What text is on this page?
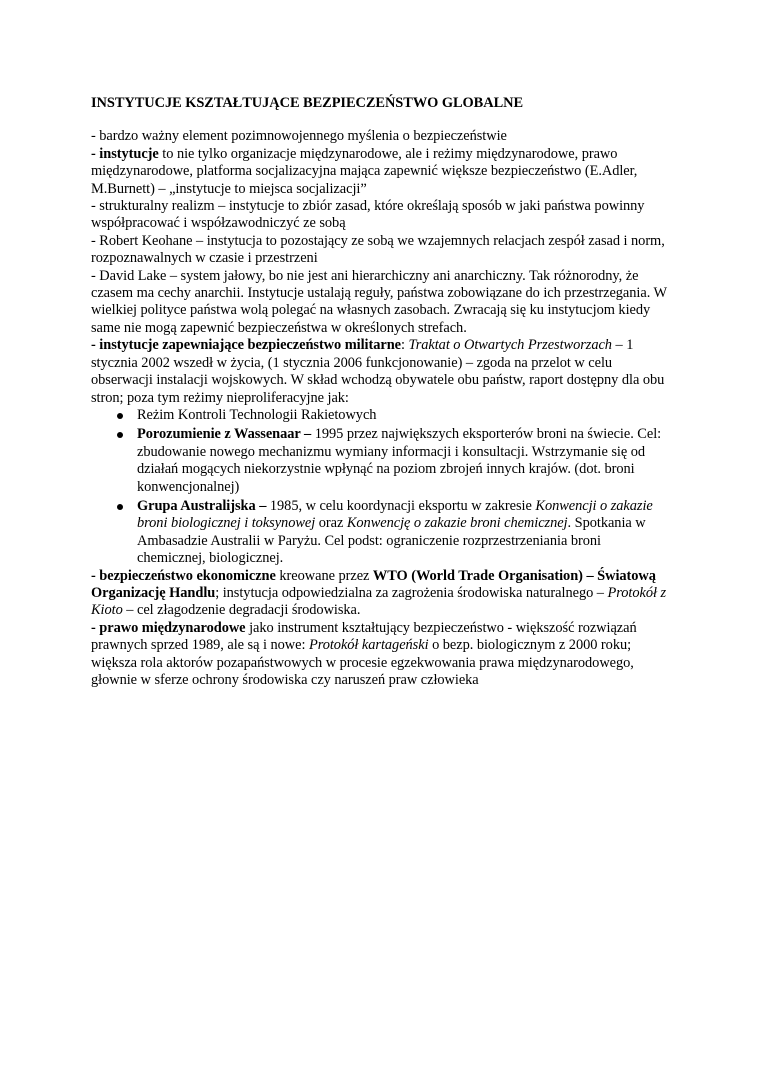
INSTYTUCJE KSZTAŁTUJĄCE BEZPIECZEŃSTWO GLOBALNE

- bardzo ważny element pozimnowojennego myślenia o bezpieczeństwie

- instytucje to nie tylko organizacje międzynarodowe, ale i reżimy międzynarodowe, prawo międzynarodowe, platforma socjalizacyjna mająca zapewnić większe bezpieczeństwo (E.Adler, M.Burnett) – „instytucje to miejsca socjalizacji”

- strukturalny realizm – instytucje to zbiór zasad, które określają sposób w jaki państwa powinny współpracować i współzawodniczyć ze sobą

- Robert Keohane – instytucja to pozostający ze sobą we wzajemnych relacjach zespół zasad i norm, rozpoznawalnych w czasie i przestrzeni

- David Lake – system jałowy, bo nie jest ani hierarchiczny ani anarchiczny. Tak różnorodny, że czasem ma cechy anarchii. Instytucje ustalają reguły, państwa zobowiązane do ich przestrzegania. W wielkiej polityce państwa wolą polegać na własnych zasobach. Zwracają się ku instytucjom kiedy same nie mogą zapewnić bezpieczeństwa w określonych strefach.

- instytucje zapewniające bezpieczeństwo militarne: Traktat o Otwartych Przestworzach – 1 stycznia 2002 wszedł w życia, (1 stycznia 2006 funkcjonowanie) – zgoda na przelot w celu obserwacji instalacji wojskowych. W skład wchodzą obywatele obu państw, raport dostępny dla obu stron; poza tym reżimy nieproliferacyjne jak:

Reżim Kontroli Technologii Rakietowych
Porozumienie z Wassenaar – 1995 przez największych eksporterów broni na świecie. Cel: zbudowanie nowego mechanizmu wymiany informacji i konsultacji. Wstrzymanie się od działań mogących niekorzystnie wpłynąć na poziom zbrojeń innych krajów. (dot. broni konwencjonalnej)
Grupa Australijska – 1985, w celu koordynacji eksportu w zakresie Konwencji o zakazie broni biologicznej i toksynowej oraz Konwencję o zakazie broni chemicznej. Spotkania w Ambasadzie Australii w Paryżu. Cel podst: ograniczenie rozprzestrzeniania broni chemicznej, biologicznej.

- bezpieczeństwo ekonomiczne kreowane przez WTO (World Trade Organisation) – Światową Organizację Handlu; instytucja odpowiedzialna za zagrożenia środowiska naturalnego – Protokół z Kioto – cel złagodzenie degradacji środowiska.

- prawo międzynarodowe jako instrument kształtujący bezpieczeństwo - większość rozwiązań prawnych sprzed 1989, ale są i nowe: Protokół kartageński o bezp. biologicznym z 2000 roku; większa rola aktorów pozapaństwowych w procesie egzekwowania prawa międzynarodowego, głownie w sferze ochrony środowiska czy naruszeń praw człowieka
